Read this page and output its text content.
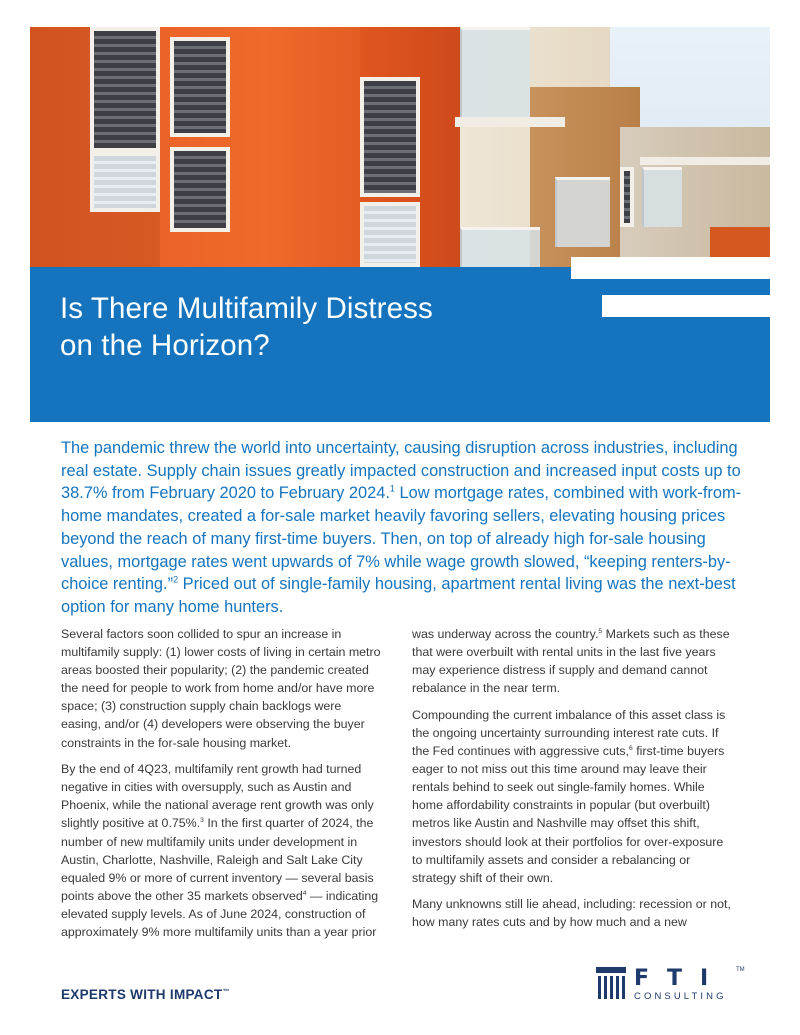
Is There Multifamily Distress
on the Horizon?

The pandemic threw the world into uncertainty, causing disruption across industries, including real estate. Supply chain issues greatly impacted construction and increased input costs up to 38.7% from February 2020 to February 2024.$^1$ Low mortgage rates, combined with work-from-home mandates, created a for-sale market heavily favoring sellers, elevating housing prices beyond the reach of many first-time buyers. Then, on top of already high for-sale housing values, mortgage rates went upwards of 7% while wage growth slowed, “keeping renters-by-choice renting.”$^2$ Priced out of single-family housing, apartment rental living was the next-best option for many home hunters.

Several factors soon collided to spur an increase in multifamily supply: (1) lower costs of living in certain metro areas boosted their popularity; (2) the pandemic created the need for people to work from home and/or have more space; (3) construction supply chain backlogs were easing, and/or (4) developers were observing the buyer constraints in the for-sale housing market.

By the end of 4Q23, multifamily rent growth had turned negative in cities with oversupply, such as Austin and Phoenix, while the national average rent growth was only slightly positive at 0.75%.$^3$ In the first quarter of 2024, the number of new multifamily units under development in Austin, Charlotte, Nashville, Raleigh and Salt Lake City equaled 9% or more of current inventory — several basis points above the other 35 markets observed$^4$ — indicating elevated supply levels. As of June 2024, construction of approximately 9% more multifamily units than a year prior

was underway across the country.$^5$ Markets such as these that were overbuilt with rental units in the last five years may experience distress if supply and demand cannot rebalance in the near term.

Compounding the current imbalance of this asset class is the ongoing uncertainty surrounding interest rate cuts. If the Fed continues with aggressive cuts,$^6$ first-time buyers eager to not miss out this time around may leave their rentals behind to seek out single-family homes. While home affordability constraints in popular (but overbuilt) metros like Austin and Nashville may offset this shift, investors should look at their portfolios for over-exposure to multifamily assets and consider a rebalancing or strategy shift of their own.

Many unknowns still lie ahead, including: recession or not, how many rates cuts and by how much and a new

EXPERTS WITH IMPACT™
FTI TM
CONSULTING
